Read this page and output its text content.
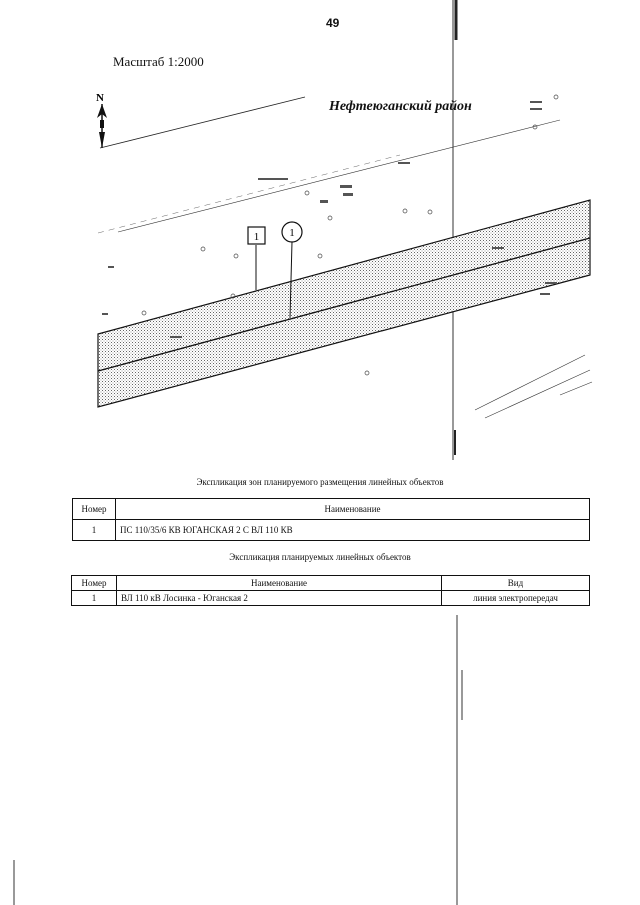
49
Масштаб 1:2000
N
1	1
Нефтеюганский район
Экспликация зон планируемого размещения линейных объектов
Номер	Наименование
1	ПС 110/35/6 КВ ЮГАНСКАЯ 2 С ВЛ 110 КВ
Экспликация планируемых линейных объектов
Номер	Наименование	Вид
1	ВЛ 110 кВ Лосинка - Юганская 2	линия электропередач
